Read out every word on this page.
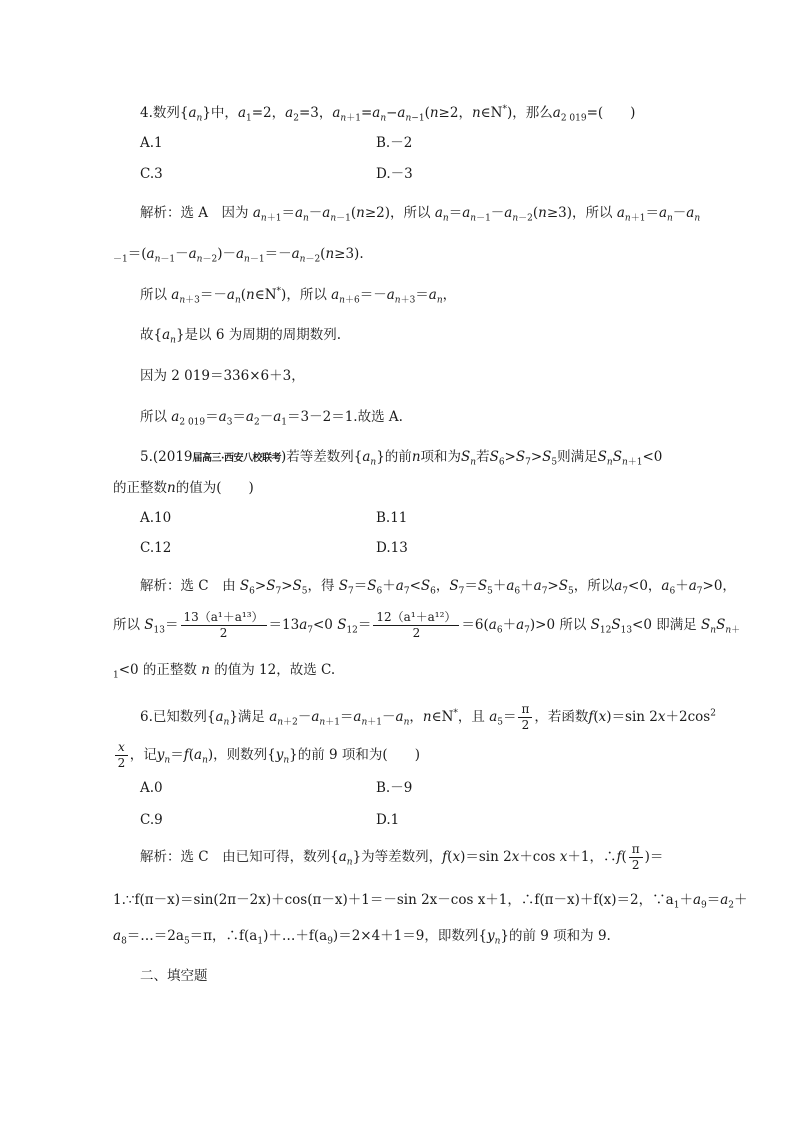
4.数列$\{a_n\}$中，$a_1=2$，$a_2=3$，$a_{n+1}=a_n-a_{n-1}(n\ge 2$，n∈N*)，那么$a_{2 019}=$(　　)
A.1	B.－2
C.3	D.－3
解析：选 A　因为 $a_{n+1}=a_n-a_{n-1}(n\ge 2)$，所以 $a_n=a_{n-1}-a_{n-2}(n\ge 3)$，所以 $a_{n+1}=a_n-a_n$
$_{-1}=(a_{n-1}-a_{n-2})-a_{n-1}=-a_{n-2}(n\ge 3)$.
所以 $a_{n+3}=-a_n(n\in N^*)$，所以 $a_{n+6}=-a_{n+3}=a_n$，
故$\{a_n\}$是以 6 为周期的周期数列.
因为 2 019＝336×6＋3，
所以 $a_{2 019}=a_3=a_2-a_1=3-2=1$.故选 A.
5.(2019届高三·西安八校联考)若等差数列$\{a_n\}$的前n项和为$S_n$若$S_6>S_7>S_5$则满足$S_nS_{n+1}<0$
的正整数n的值为(　　)
A.10	B.11
C.12	D.13
解析：选 C　由 $S_6>S_7>S_5$，得 $S_7=S_6+a_7<S_6$，$S_7=S_5+a_6+a_7>S_5$，所以$a_7<0$，$a_6+a_7>0$，
所以 $S_{13}= \frac{\text{13（a¹＋a¹³）}}{2} =13a_7<0$ $S_{12}= \frac{\text{12（a¹＋a¹²）}}{2} =6(a_6+a_7)>0$ 所以 $S_{12}S_{13}<0$ 即满足 $S_nS_{n+}$
$_1$<0 的正整数 n 的值为 12，故选 C.
6.已知数列$\{a_n\}$满足 $a_{n+2}-a_{n+1}=a_{n+1}-a_n$，n∈N*，且 $a_5= \frac{\pi}{2}$ ，若函数f(x)＝sin $2x+2\cos^2$
$\frac{x}{2}$ ，记$y_n=f(a_n)$，则数列$\{y_n\}$的前 9 项和为(　　)
A.0	B.－9
C.9	D.1
解析：选 C　由已知可得，数列$\{a_n\}$为等差数列，f(x)＝sin 2x＋cos x＋1，∴f( $\frac{\pi}{2}$ )＝
1.∵f(π－x)＝sin(2π－2x)＋cos(π－x)＋1＝－sin 2x－cos x＋1，∴f(π－x)＋f(x)＝2，$\because a_1+a_9=a_2+$
$a_8=\dots=2a_5=\pi$，$\therefore f(a_1)+\dots+f(a_9)=2\times 4+1=9$，即数列$\{y_n\}$的前 9 项和为 9.
二、填空题
